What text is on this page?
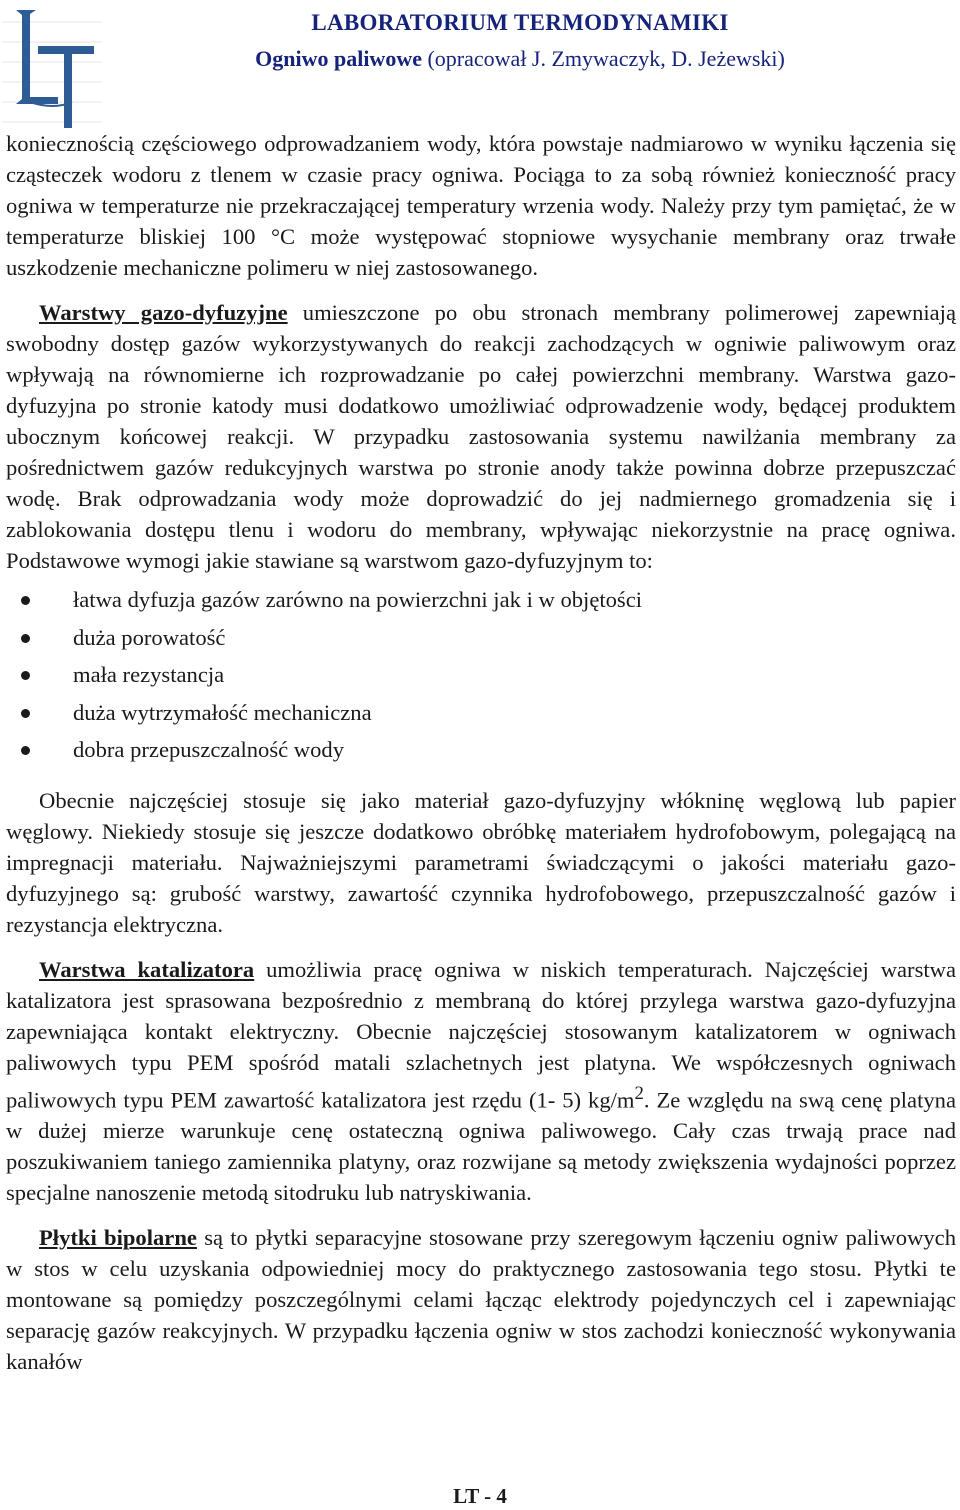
LABORATORIUM TERMODYNAMIKI
Ogniwo paliwowe (opracował J. Zmywaczyk, D. Jeżewski)

koniecznością częściowego odprowadzaniem wody, która powstaje nadmiarowo w wyniku łączenia się cząsteczek wodoru z tlenem w czasie pracy ogniwa. Pociąga to za sobą również konieczność pracy ogniwa w temperaturze nie przekraczającej temperatury wrzenia wody. Należy przy tym pamiętać, że w temperaturze bliskiej 100 °C może występować stopniowe wysychanie membrany oraz trwałe uszkodzenie mechaniczne polimeru w niej zastosowanego.

Warstwy gazo-dyfuzyjne umieszczone po obu stronach membrany polimerowej zapewniają swobodny dostęp gazów wykorzystywanych do reakcji zachodzących w ogniwie paliwowym oraz wpływają na równomierne ich rozprowadzanie po całej powierzchni membrany. Warstwa gazo-dyfuzyjna po stronie katody musi dodatkowo umożliwiać odprowadzenie wody, będącej produktem ubocznym końcowej reakcji. W przypadku zastosowania systemu nawilżania membrany za pośrednictwem gazów redukcyjnych warstwa po stronie anody także powinna dobrze przepuszczać wodę. Brak odprowadzania wody może doprowadzić do jej nadmiernego gromadzenia się i zablokowania dostępu tlenu i wodoru do membrany, wpływając niekorzystnie na pracę ogniwa. Podstawowe wymogi jakie stawiane są warstwom gazo-dyfuzyjnym to:

łatwa dyfuzja gazów zarówno na powierzchni jak i w objętości
duża porowatość
mała rezystancja
duża wytrzymałość mechaniczna
dobra przepuszczalność wody

Obecnie najczęściej stosuje się jako materiał gazo-dyfuzyjny włókninę węglową lub papier węglowy. Niekiedy stosuje się jeszcze dodatkowo obróbkę materiałem hydrofobowym, polegającą na impregnacji materiału. Najważniejszymi parametrami świadczącymi o jakości materiału gazo-dyfuzyjnego są: grubość warstwy, zawartość czynnika hydrofobowego, przepuszczalność gazów i rezystancja elektryczna.

Warstwa katalizatora umożliwia pracę ogniwa w niskich temperaturach. Najczęściej warstwa katalizatora jest sprasowana bezpośrednio z membraną do której przylega warstwa gazo-dyfuzyjna zapewniająca kontakt elektryczny. Obecnie najczęściej stosowanym katalizatorem w ogniwach paliwowych typu PEM spośród matali szlachetnych jest platyna. We współczesnych ogniwach paliwowych typu PEM zawartość katalizatora jest rzędu (1- 5) $kg/m^2$. Ze względu na swą cenę platyna w dużej mierze warunkuje cenę ostateczną ogniwa paliwowego. Cały czas trwają prace nad poszukiwaniem taniego zamiennika platyny, oraz rozwijane są metody zwiększenia wydajności poprzez specjalne nanoszenie metodą sitodruku lub natryskiwania.

Płytki bipolarne są to płytki separacyjne stosowane przy szeregowym łączeniu ogniw paliwowych w stos w celu uzyskania odpowiedniej mocy do praktycznego zastosowania tego stosu. Płytki te montowane są pomiędzy poszczególnymi celami łącząc elektrody pojedynczych cel i zapewniając separację gazów reakcyjnych. W przypadku łączenia ogniw w stos zachodzi konieczność wykonywania kanałów

LT - 4
